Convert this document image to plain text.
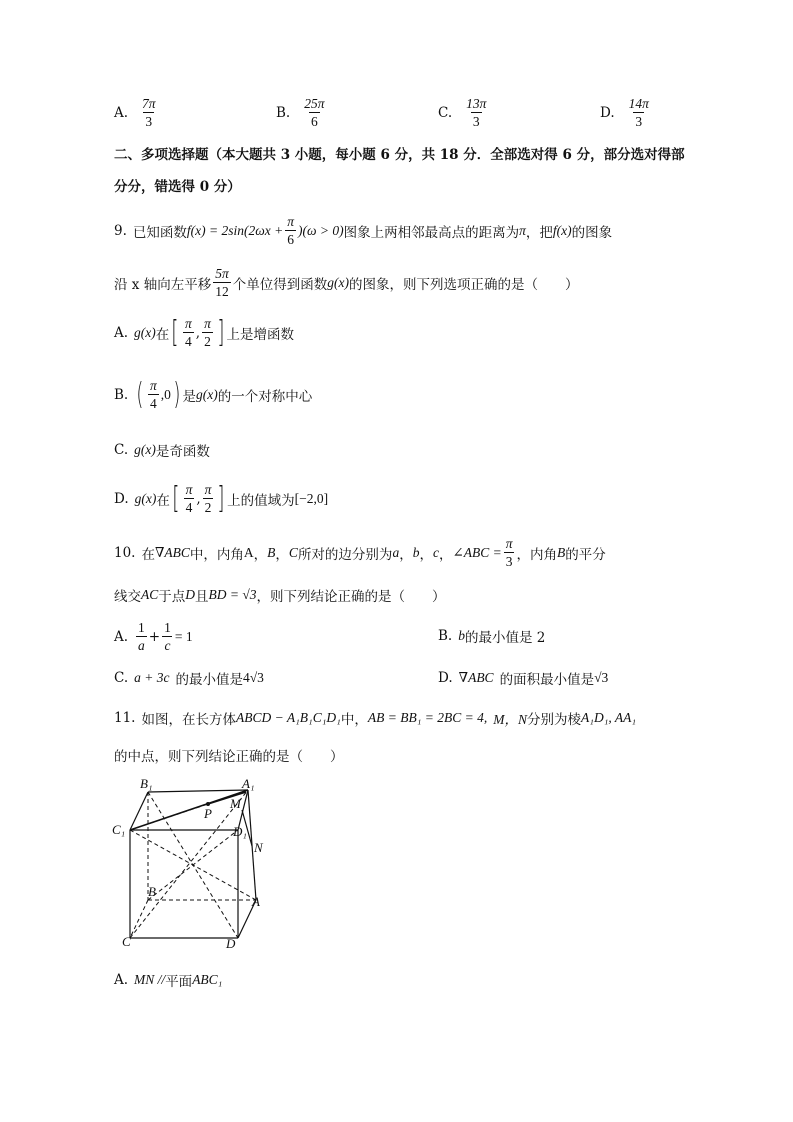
A. $\frac{7\pi}{3}$	B. $\frac{25\pi}{6}$	C. $\frac{13\pi}{3}$	D. $\frac{14\pi}{3}$
二、多项选择题（本大题共 3 小题，每小题 6 分，共 18 分．全部选对得 6 分，部分选对得部
分分，错选得 0 分）
9. 已知函数 $f(x) = 2\sin(2\omega x + \frac{\pi}{6} )(\omega > 0)$ 图象上两相邻最高点的距离为 π ，把 f(x) 的图象
沿 x 轴向左平移 $\frac{5\pi}{12}$ 个单位得到函数 g(x) 的图象，则下列选项正确的是（　　）
A. g(x) 在 [ $\frac{\pi}{4}$ , $\frac{\pi}{2}$ ] 上是增函数
B. ( $\frac{\pi}{4} ,0$ ) 是 g(x) 的一个对称中心
C. g(x) 是奇函数
D. g(x) 在 [ $\frac{\pi}{4}$ , $\frac{\pi}{2}$ ] 上的值域为 [−2,0]
10. 在 ∇ABC 中，内角 A ， B ， C 所对的边分别为 a ， b ， c ， ∠ABC = $\frac{\pi}{3}$ ，内角 B 的平分
线交 AC 于点 D 且 BD = √3 ，则下列结论正确的是（　　）
A. $\frac{1}{a} + \frac{1}{c} = 1$	B. b 的最小值是 2
C. a + 3c 的最小值是 4√3	D. ∇ABC 的面积最小值是 √3
11. 如图，在长方体 ABCD − A₁B₁C₁D₁ 中， AB = BB₁ = 2BC = 4, M，N 分别为棱 A₁D₁, AA₁
的中点，则下列结论正确的是（　　）
B₁	A₁
M
P
C₁	D₁
N
B
A
C	D
A. MN // 平面 ABC₁
